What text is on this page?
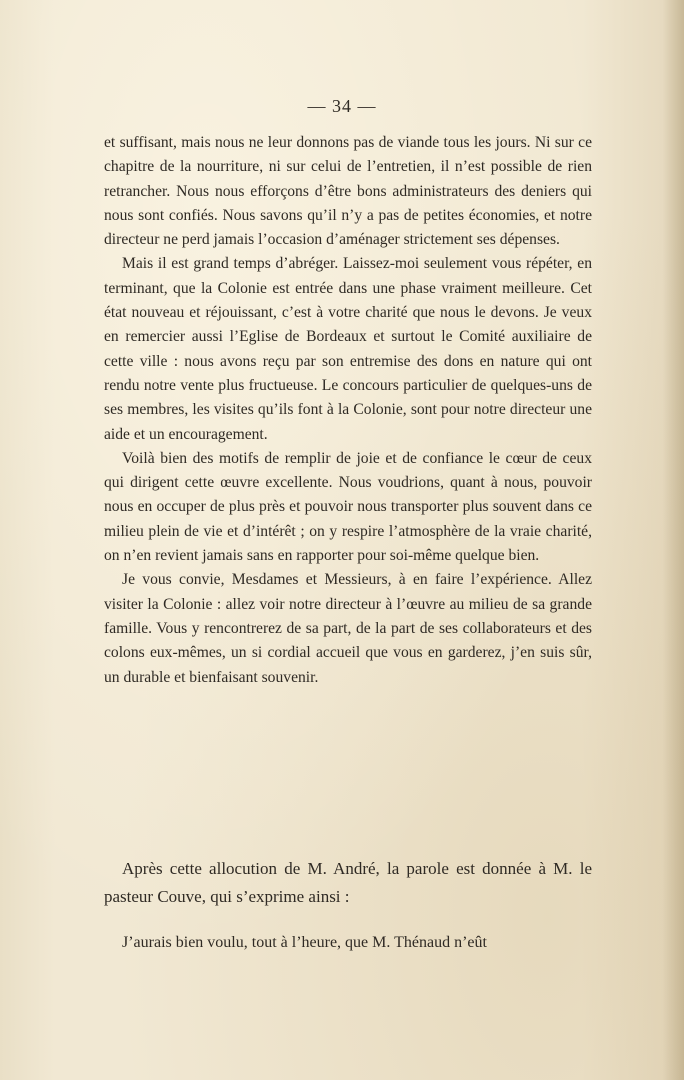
— 34 —

et suffisant, mais nous ne leur donnons pas de viande tous les jours. Ni sur ce chapitre de la nourriture, ni sur celui de l’entretien, il n’est possible de rien retrancher. Nous nous efforçons d’être bons administrateurs des deniers qui nous sont confiés. Nous savons qu’il n’y a pas de petites économies, et notre directeur ne perd jamais l’occasion d’aménager strictement ses dépenses.

Mais il est grand temps d’abréger. Laissez-moi seulement vous répéter, en terminant, que la Colonie est entrée dans une phase vraiment meilleure. Cet état nouveau et réjouissant, c’est à votre charité que nous le devons. Je veux en remercier aussi l’Eglise de Bordeaux et surtout le Comité auxiliaire de cette ville : nous avons reçu par son entremise des dons en nature qui ont rendu notre vente plus fructueuse. Le concours particulier de quelques-uns de ses membres, les visites qu’ils font à la Colonie, sont pour notre directeur une aide et un encouragement.

Voilà bien des motifs de remplir de joie et de confiance le cœur de ceux qui dirigent cette œuvre excellente. Nous voudrions, quant à nous, pouvoir nous en occuper de plus près et pouvoir nous transporter plus souvent dans ce milieu plein de vie et d’intérêt ; on y respire l’atmosphère de la vraie charité, on n’en revient jamais sans en rapporter pour soi-même quelque bien.

Je vous convie, Mesdames et Messieurs, à en faire l’expérience. Allez visiter la Colonie : allez voir notre directeur à l’œuvre au milieu de sa grande famille. Vous y rencontrerez de sa part, de la part de ses collaborateurs et des colons eux-mêmes, un si cordial accueil que vous en garderez, j’en suis sûr, un durable et bienfaisant souvenir.

Après cette allocution de M. André, la parole est donnée à M. le pasteur Couve, qui s’exprime ainsi :

J’aurais bien voulu, tout à l’heure, que M. Thénaud n’eût
